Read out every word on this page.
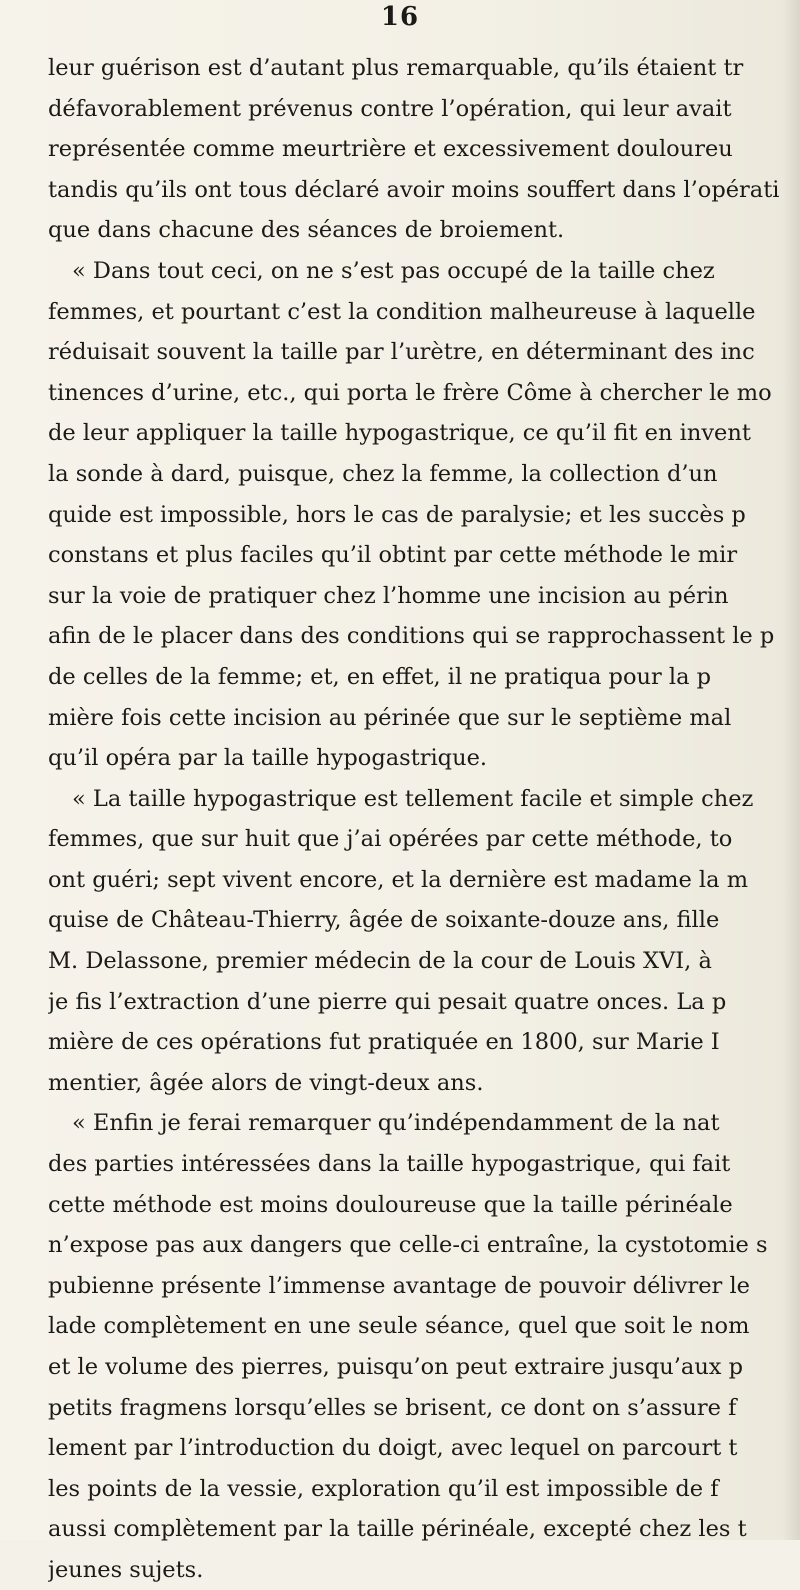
16
leur guérison est d’autant plus remarquable, qu’ils étaient tr
défavorablement prévenus contre l’opération, qui leur avait
représentée comme meurtrière et excessivement douloureu
tandis qu’ils ont tous déclaré avoir moins souffert dans l’opérati
que dans chacune des séances de broiement.
« Dans tout ceci, on ne s’est pas occupé de la taille chez
femmes, et pourtant c’est la condition malheureuse à laquelle
réduisait souvent la taille par l’urètre, en déterminant des inc
tinences d’urine, etc., qui porta le frère Côme à chercher le mo
de leur appliquer la taille hypogastrique, ce qu’il fit en invent
la sonde à dard, puisque, chez la femme, la collection d’un
quide est impossible, hors le cas de paralysie; et les succès p
constans et plus faciles qu’il obtint par cette méthode le mir
sur la voie de pratiquer chez l’homme une incision au périn
afin de le placer dans des conditions qui se rapprochassent le p
de celles de la femme; et, en effet, il ne pratiqua pour la p
mière fois cette incision au périnée que sur le septième mal
qu’il opéra par la taille hypogastrique.
« La taille hypogastrique est tellement facile et simple chez
femmes, que sur huit que j’ai opérées par cette méthode, to
ont guéri; sept vivent encore, et la dernière est madame la m
quise de Château-Thierry, âgée de soixante-douze ans, fille
M. Delassone, premier médecin de la cour de Louis XVI, à
je fis l’extraction d’une pierre qui pesait quatre onces. La p
mière de ces opérations fut pratiquée en 1800, sur Marie I
mentier, âgée alors de vingt-deux ans.
« Enfin je ferai remarquer qu’indépendamment de la nat
des parties intéressées dans la taille hypogastrique, qui fait
cette méthode est moins douloureuse que la taille périnéale
n’expose pas aux dangers que celle-ci entraîne, la cystotomie s
pubienne présente l’immense avantage de pouvoir délivrer le
lade complètement en une seule séance, quel que soit le nom
et le volume des pierres, puisqu’on peut extraire jusqu’aux p
petits fragmens lorsqu’elles se brisent, ce dont on s’assure f
lement par l’introduction du doigt, avec lequel on parcourt t
les points de la vessie, exploration qu’il est impossible de f
aussi complètement par la taille périnéale, excepté chez les t
jeunes sujets.
